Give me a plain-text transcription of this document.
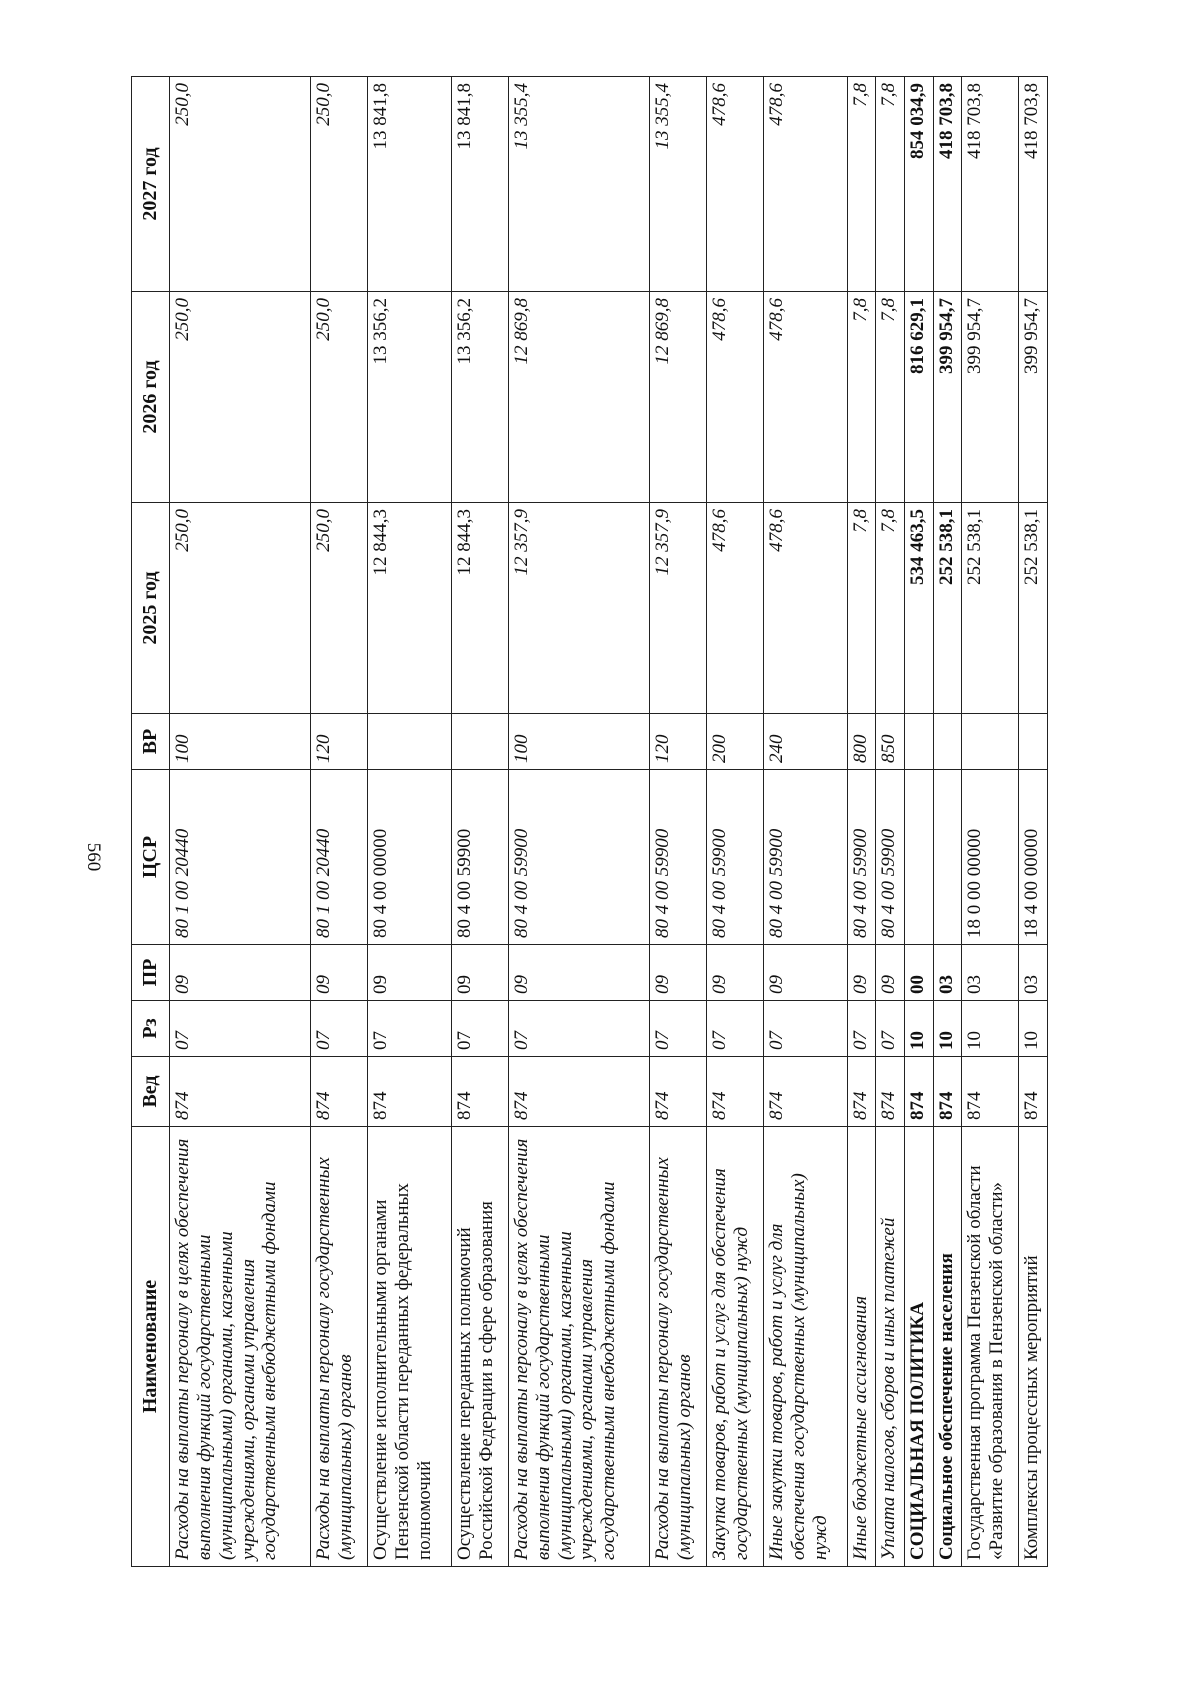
560
Наименование	Вед	Рз	ПР	ЦСР	ВР	2025 год	2026 год	2027 год
Расходы на выплаты персоналу в целях обеспечения выполнения функций государственными (муниципальными) органами, казенными учреждениями, органами управления государственными внебюджетными фондами	874	07	09	80 1 00 20440	100	250,0	250,0	250,0
Расходы на выплаты персоналу государственных (муниципальных) органов	874	07	09	80 1 00 20440	120	250,0	250,0	250,0
Осуществление исполнительными органами Пензенской области переданных федеральных полномочий	874	07	09	80 4 00 00000		12 844,3	13 356,2	13 841,8
Осуществление переданных полномочий Российской Федерации в сфере образования	874	07	09	80 4 00 59900		12 844,3	13 356,2	13 841,8
Расходы на выплаты персоналу в целях обеспечения выполнения функций государственными (муниципальными) органами, казенными учреждениями, органами управления государственными внебюджетными фондами	874	07	09	80 4 00 59900	100	12 357,9	12 869,8	13 355,4
Расходы на выплаты персоналу государственных (муниципальных) органов	874	07	09	80 4 00 59900	120	12 357,9	12 869,8	13 355,4
Закупка товаров, работ и услуг для обеспечения государственных (муниципальных) нужд	874	07	09	80 4 00 59900	200	478,6	478,6	478,6
Иные закупки товаров, работ и услуг для обеспечения государственных (муниципальных) нужд	874	07	09	80 4 00 59900	240	478,6	478,6	478,6
Иные бюджетные ассигнования	874	07	09	80 4 00 59900	800	7,8	7,8	7,8
Уплата налогов, сборов и иных платежей	874	07	09	80 4 00 59900	850	7,8	7,8	7,8
СОЦИАЛЬНАЯ ПОЛИТИКА	874	10	00			534 463,5	816 629,1	854 034,9
Социальное обеспечение населения	874	10	03			252 538,1	399 954,7	418 703,8
Государственная программа Пензенской области «Развитие образования в Пензенской области»	874	10	03	18 0 00 00000		252 538,1	399 954,7	418 703,8
Комплексы процессных мероприятий	874	10	03	18 4 00 00000		252 538,1	399 954,7	418 703,8
